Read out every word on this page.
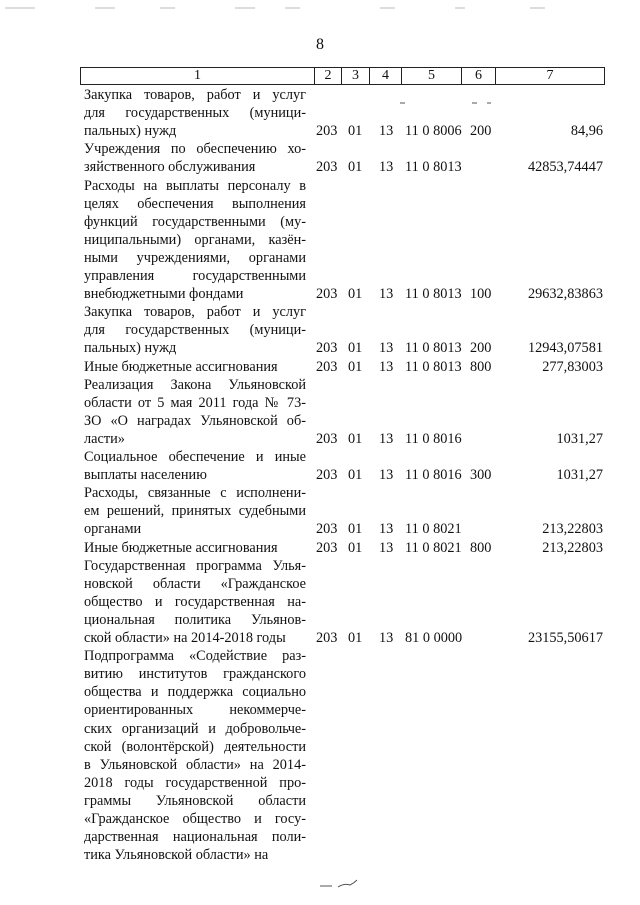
8
1	2	3	4	5	6	7
Закупка товаров, работ и услуг
для государственных (муници-
пальных) нужд	203 01 13 11 0 8006 200	84,96
Учреждения по обеспечению хо-
зяйственного обслуживания	203 01 13 11 0 8013	42853,74447
Расходы на выплаты персоналу в
целях обеспечения выполнения
функций государственными (му-
ниципальными) органами, казён-
ными учреждениями, органами
управления государственными
внебюджетными фондами	203 01 13 11 0 8013 100	29632,83863
Закупка товаров, работ и услуг
для государственных (муници-
пальных) нужд	203 01 13 11 0 8013 200	12943,07581
Иные бюджетные ассигнования	203 01 13 11 0 8013 800	277,83003
Реализация Закона Ульяновской
области от 5 мая 2011 года № 73-
ЗО «О наградах Ульяновской об-
ласти»	203 01 13 11 0 8016	1031,27
Социальное обеспечение и иные
выплаты населению	203 01 13 11 0 8016 300	1031,27
Расходы, связанные с исполнени-
ем решений, принятых судебными
органами	203 01 13 11 0 8021	213,22803
Иные бюджетные ассигнования	203 01 13 11 0 8021 800	213,22803
Государственная программа Улья-
новской области «Гражданское
общество и государственная на-
циональная политика Ульянов-
ской области» на 2014-2018 годы	203 01 13 81 0 0000	23155,50617
Подпрограмма «Содействие раз-
витию институтов гражданского
общества и поддержка социально
ориентированных некоммерче-
ских организаций и добровольче-
ской (волонтёрской) деятельности
в Ульяновской области» на 2014-
2018 годы государственной про-
граммы Ульяновской области
«Гражданское общество и госу-
дарственная национальная поли-
тика Ульяновской области» на
